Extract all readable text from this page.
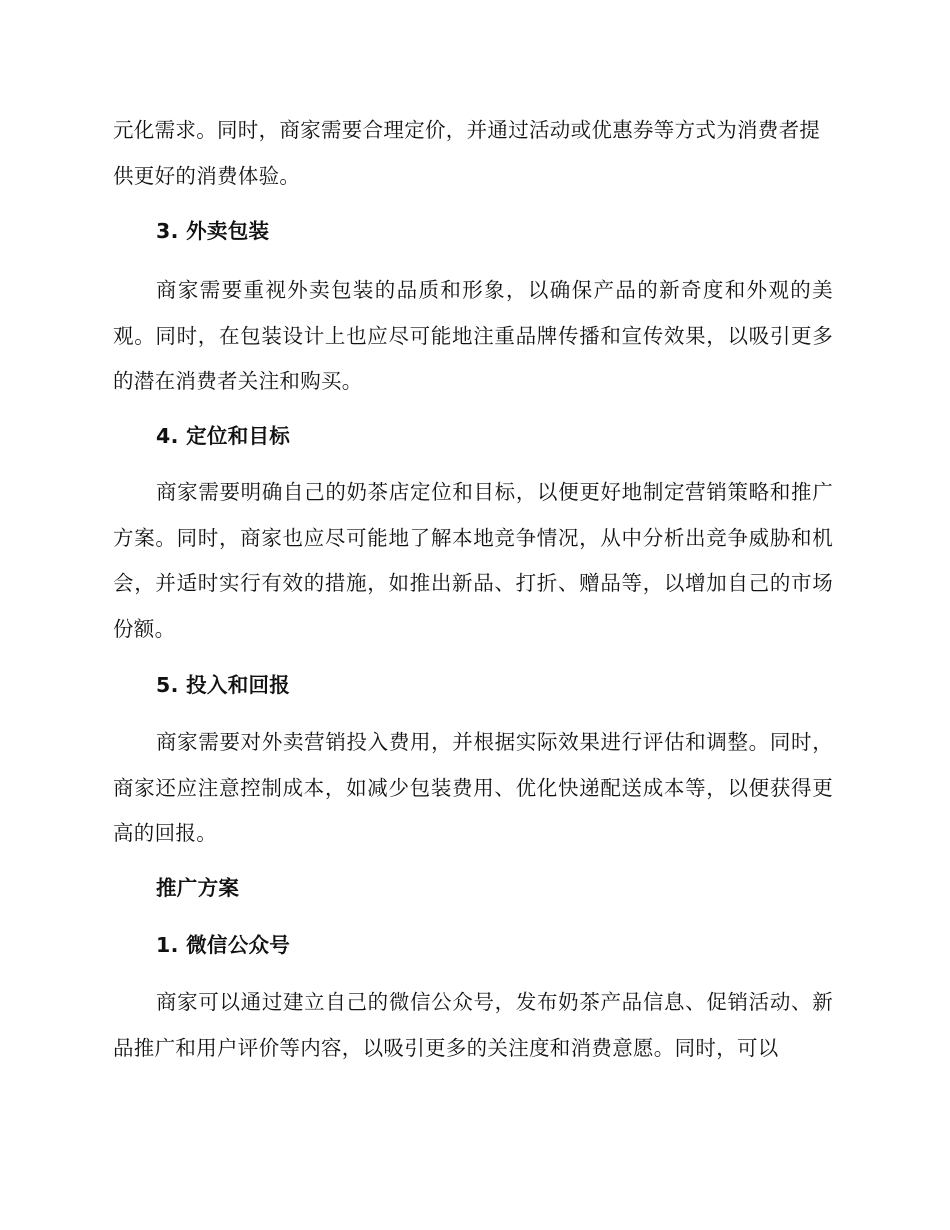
元化需求。同时，商家需要合理定价，并通过活动或优惠券等方式为消费者提供更好的消费体验。

3. 外卖包装

商家需要重视外卖包装的品质和形象，以确保产品的新奇度和外观的美观。同时，在包装设计上也应尽可能地注重品牌传播和宣传效果，以吸引更多的潜在消费者关注和购买。

4. 定位和目标

商家需要明确自己的奶茶店定位和目标，以便更好地制定营销策略和推广方案。同时，商家也应尽可能地了解本地竞争情况，从中分析出竞争威胁和机会，并适时实行有效的措施，如推出新品、打折、赠品等，以增加自己的市场份额。

5. 投入和回报

商家需要对外卖营销投入费用，并根据实际效果进行评估和调整。同时，商家还应注意控制成本，如减少包装费用、优化快递配送成本等，以便获得更高的回报。

推广方案

1. 微信公众号

商家可以通过建立自己的微信公众号，发布奶茶产品信息、促销活动、新品推广和用户评价等内容，以吸引更多的关注度和消费意愿。同时，可以
